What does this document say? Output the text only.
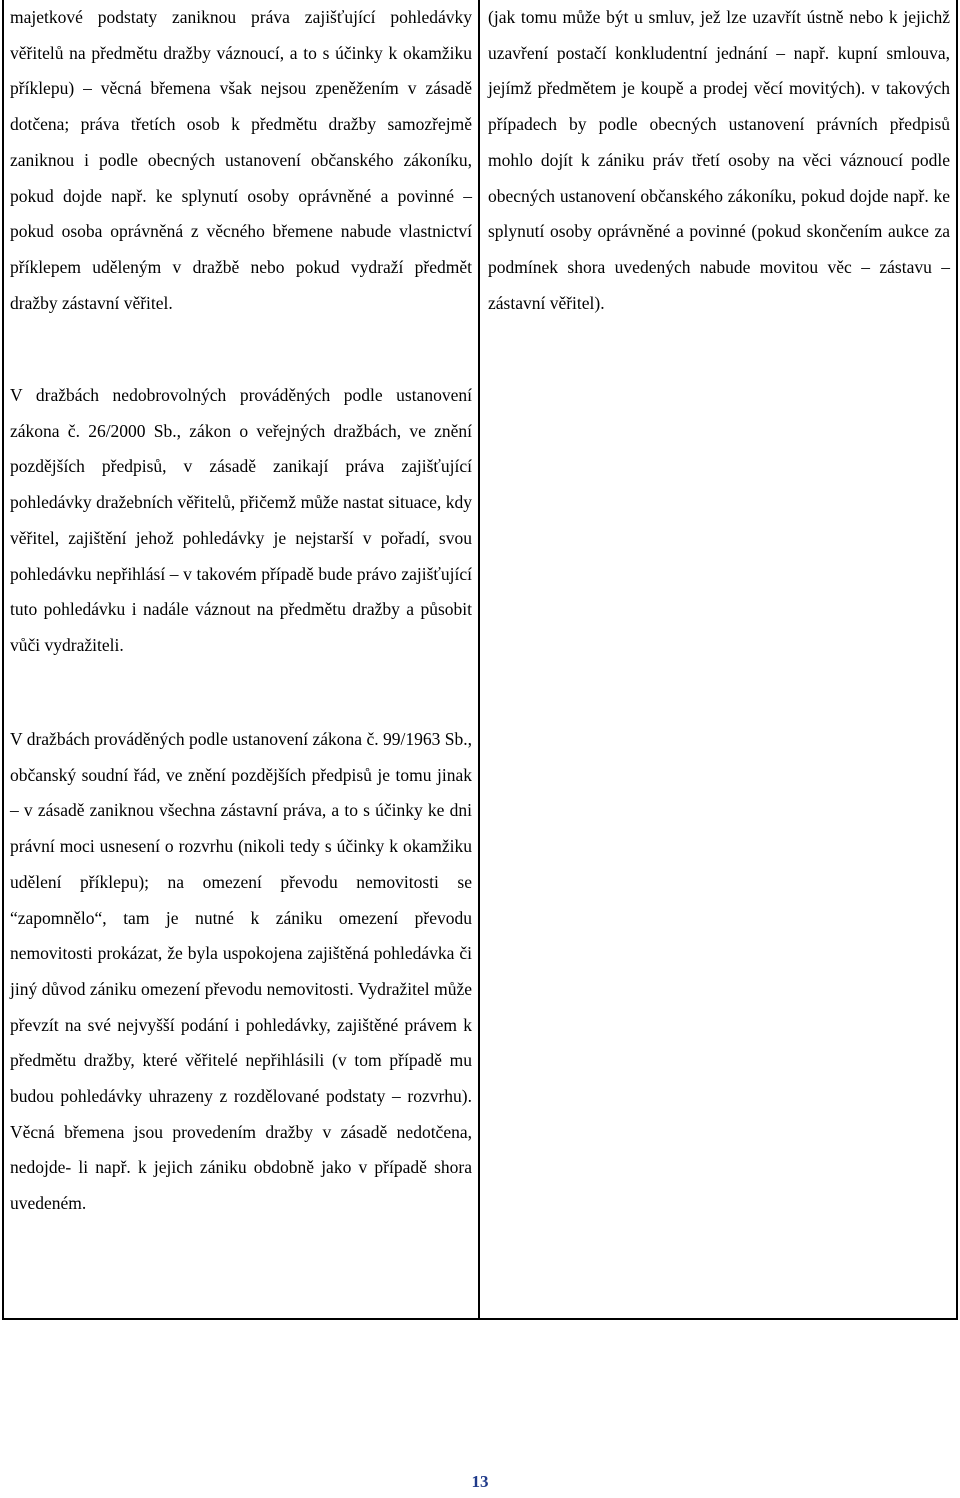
majetkové podstaty zaniknou práva zajišťující pohledávky věřitelů na předmětu dražby váznoucí, a to s účinky k okamžiku příklepu) – věcná břemena však nejsou zpeněžením v zásadě dotčena; práva třetích osob k předmětu dražby samozřejmě zaniknou i podle obecných ustanovení občanského zákoníku, pokud dojde např. ke splynutí osoby oprávněné a povinné – pokud osoba oprávněná z věcného břemene nabude vlastnictví příklepem uděleným v dražbě nebo pokud vydraží předmět dražby zástavní věřitel.

V dražbách nedobrovolných prováděných podle ustanovení zákona č. 26/2000 Sb., zákon o veřejných dražbách, ve znění pozdějších předpisů, v zásadě zanikají práva zajišťující pohledávky dražebních věřitelů, přičemž může nastat situace, kdy věřitel, zajištění jehož pohledávky je nejstarší v pořadí, svou pohledávku nepřihlásí – v takovém případě bude právo zajišťující tuto pohledávku i nadále váznout na předmětu dražby a působit vůči vydražiteli.

V dražbách prováděných podle ustanovení zákona č. 99/1963 Sb., občanský soudní řád, ve znění pozdějších předpisů je tomu jinak – v zásadě zaniknou všechna zástavní práva, a to s účinky ke dni právní moci usnesení o rozvrhu (nikoli tedy s účinky k okamžiku udělení příklepu); na omezení převodu nemovitosti se “zapomnělo“, tam je nutné k zániku omezení převodu nemovitosti prokázat, že byla uspokojena zajištěná pohledávka či jiný důvod zániku omezení převodu nemovitosti. Vydražitel může převzít na své nejvyšší podání i pohledávky, zajištěné právem k předmětu dražby, které věřitelé nepřihlásili (v tom případě mu budou pohledávky uhrazeny z rozdělované podstaty – rozvrhu). Věcná břemena jsou provedením dražby v zásadě nedotčena, nedojde- li např. k jejich zániku obdobně jako v případě shora uvedeném.

(jak tomu může být u smluv, jež lze uzavřít ústně nebo k jejichž uzavření postačí konkludentní jednání – např. kupní smlouva, jejímž předmětem je koupě a prodej věcí movitých). v takových případech by podle obecných ustanovení právních předpisů mohlo dojít k zániku práv třetí osoby na věci váznoucí podle obecných ustanovení občanského zákoníku, pokud dojde např. ke splynutí osoby oprávněné a povinné (pokud skončením aukce za podmínek shora uvedených nabude movitou věc – zástavu – zástavní věřitel).

13
